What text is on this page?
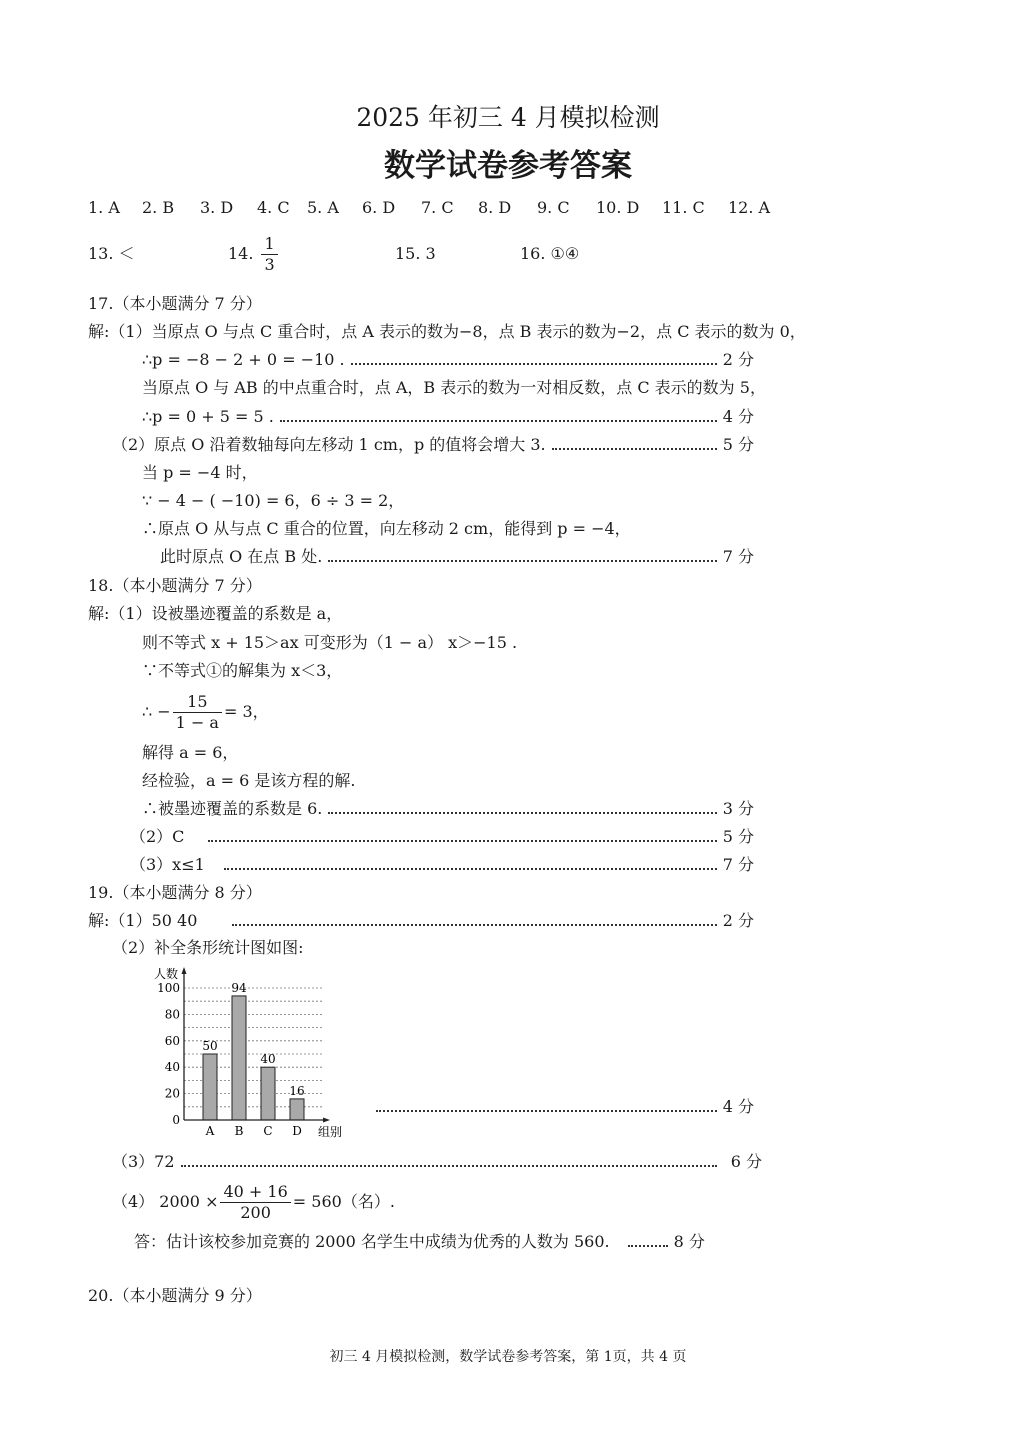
2025 年初三 4 月模拟检测
数学试卷参考答案
1. A 2. B 3. D 4. C 5. A 6. D 7. C 8. D 9. C 10. D 11. C 12. A
13. ＜	14. $\frac{1}{3}$	15. 3	16. ①④
17.（本小题满分 7 分）
解:（1）当原点 O 与点 C 重合时，点 A 表示的数为−8，点 B 表示的数为−2，点 C 表示的数为 0，
∴p = −8 − 2 + 0 = −10 .	2 分
当原点 O 与 AB 的中点重合时，点 A，B 表示的数为一对相反数，点 C 表示的数为 5，
∴p = 0 + 5 = 5 .	4 分
（2）原点 O 沿着数轴每向左移动 1 cm，p 的值将会增大 3.	5 分
当 p = −4 时，
∵ − 4 − ( −10) = 6，6 ÷ 3 = 2，
∴原点 O 从与点 C 重合的位置，向左移动 2 cm，能得到 p = −4，
此时原点 O 在点 B 处.	7 分
18.（本小题满分 7 分）
解:（1）设被墨迹覆盖的系数是 a，
则不等式 x + 15＞ax 可变形为（1 − a） x＞−15 .
∵不等式①的解集为 x＜3，
∴ − $\frac{15}{1 - a} = 3$，
解得 a = 6，
经检验，a = 6 是该方程的解.
∴被墨迹覆盖的系数是 6.	3 分
（2）C	5 分
（3）x≤1	7 分
19.（本小题满分 8 分）
解:（1）50 40	2 分
（2）补全条形统计图如图:
0
20
40
60
80
100
50
A
94
B
40
C
16
D
人数
组别
4 分
（3）72	6 分
（4） $2000 \times \frac{40 + 16}{200} = 560$（名）.
答：估计该校参加竞赛的 2000 名学生中成绩为优秀的人数为 560.	8 分
20.（本小题满分 9 分）
初三 4 月模拟检测，数学试卷参考答案，第 1页，共 4 页
